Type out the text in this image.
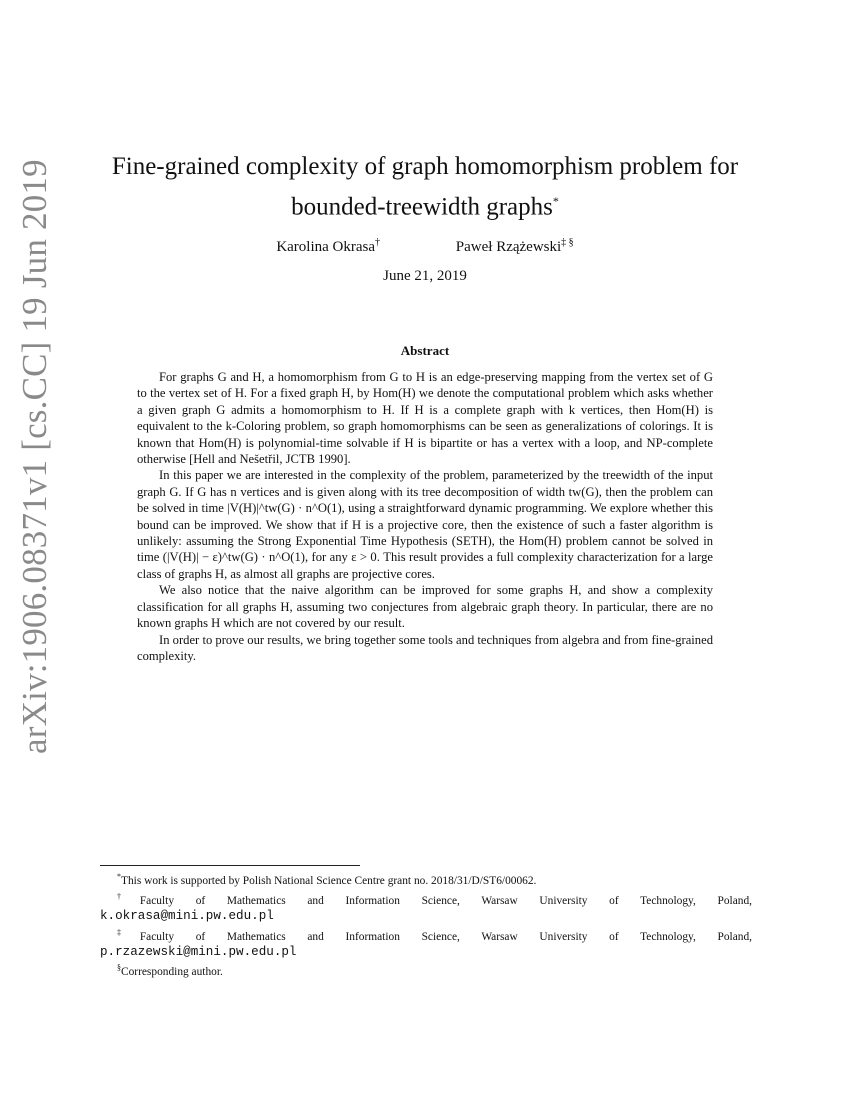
arXiv:1906.08371v1 [cs.CC] 19 Jun 2019	Fine-grained complexity of graph homomorphism problem for
bounded-treewidth graphs*
Karolina Okrasa†	Paweł Rzążewski‡ §
June 21, 2019
Abstract

For graphs G and H, a homomorphism from G to H is an edge-preserving mapping from the vertex set of G to the vertex set of H. For a fixed graph H, by Hom(H) we denote the computational problem which asks whether a given graph G admits a homomorphism to H. If H is a complete graph with k vertices, then Hom(H) is equivalent to the k-Coloring problem, so graph homomorphisms can be seen as generalizations of colorings. It is known that Hom(H) is polynomial-time solvable if H is bipartite or has a vertex with a loop, and NP-complete otherwise [Hell and Nešetřil, JCTB 1990].

In this paper we are interested in the complexity of the problem, parameterized by the treewidth of the input graph G. If G has n vertices and is given along with its tree decomposition of width tw(G), then the problem can be solved in time |V(H)|^tw(G) · n^O(1), using a straightforward dynamic programming. We explore whether this bound can be improved. We show that if H is a projective core, then the existence of such a faster algorithm is unlikely: assuming the Strong Exponential Time Hypothesis (SETH), the Hom(H) problem cannot be solved in time (|V(H)| − ε)^tw(G) · n^O(1), for any ε > 0. This result provides a full complexity characterization for a large class of graphs H, as almost all graphs are projective cores.

We also notice that the naive algorithm can be improved for some graphs H, and show a complexity classification for all graphs H, assuming two conjectures from algebraic graph theory. In particular, there are no known graphs H which are not covered by our result.

In order to prove our results, we bring together some tools and techniques from algebra and from fine-grained complexity.

*This work is supported by Polish National Science Centre grant no. 2018/31/D/ST6/00062.
†Faculty of Mathematics and Information Science, Warsaw University of Technology, Poland,
k.okrasa@mini.pw.edu.pl
‡Faculty of Mathematics and Information Science, Warsaw University of Technology, Poland,
p.rzazewski@mini.pw.edu.pl
§Corresponding author.
